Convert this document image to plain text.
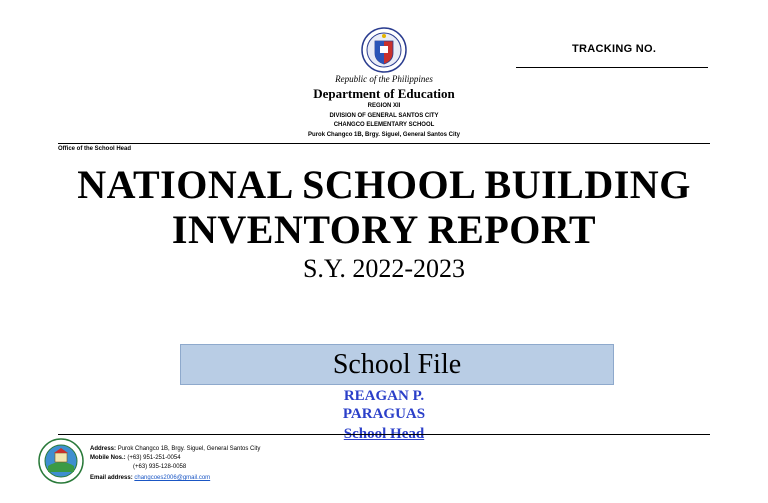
TRACKING NO.
Republic of the Philippines
Department of Education
REGION XII
DIVISION OF GENERAL SANTOS CITY
CHANGCO ELEMENTARY SCHOOL
Purok Changco 1B, Brgy. Siguel, General Santos City
Office of the School Head
NATIONAL SCHOOL BUILDING
INVENTORY REPORT
S.Y. 2022-2023
School File
REAGAN P.
PARAGUAS
School Head
Address: Purok Changco 1B, Brgy. Siguel, General Santos City
Mobile Nos.: (+63) 951-251-0054
(+63) 935-128-0058
Email address: changcoes2006@gmail.com
